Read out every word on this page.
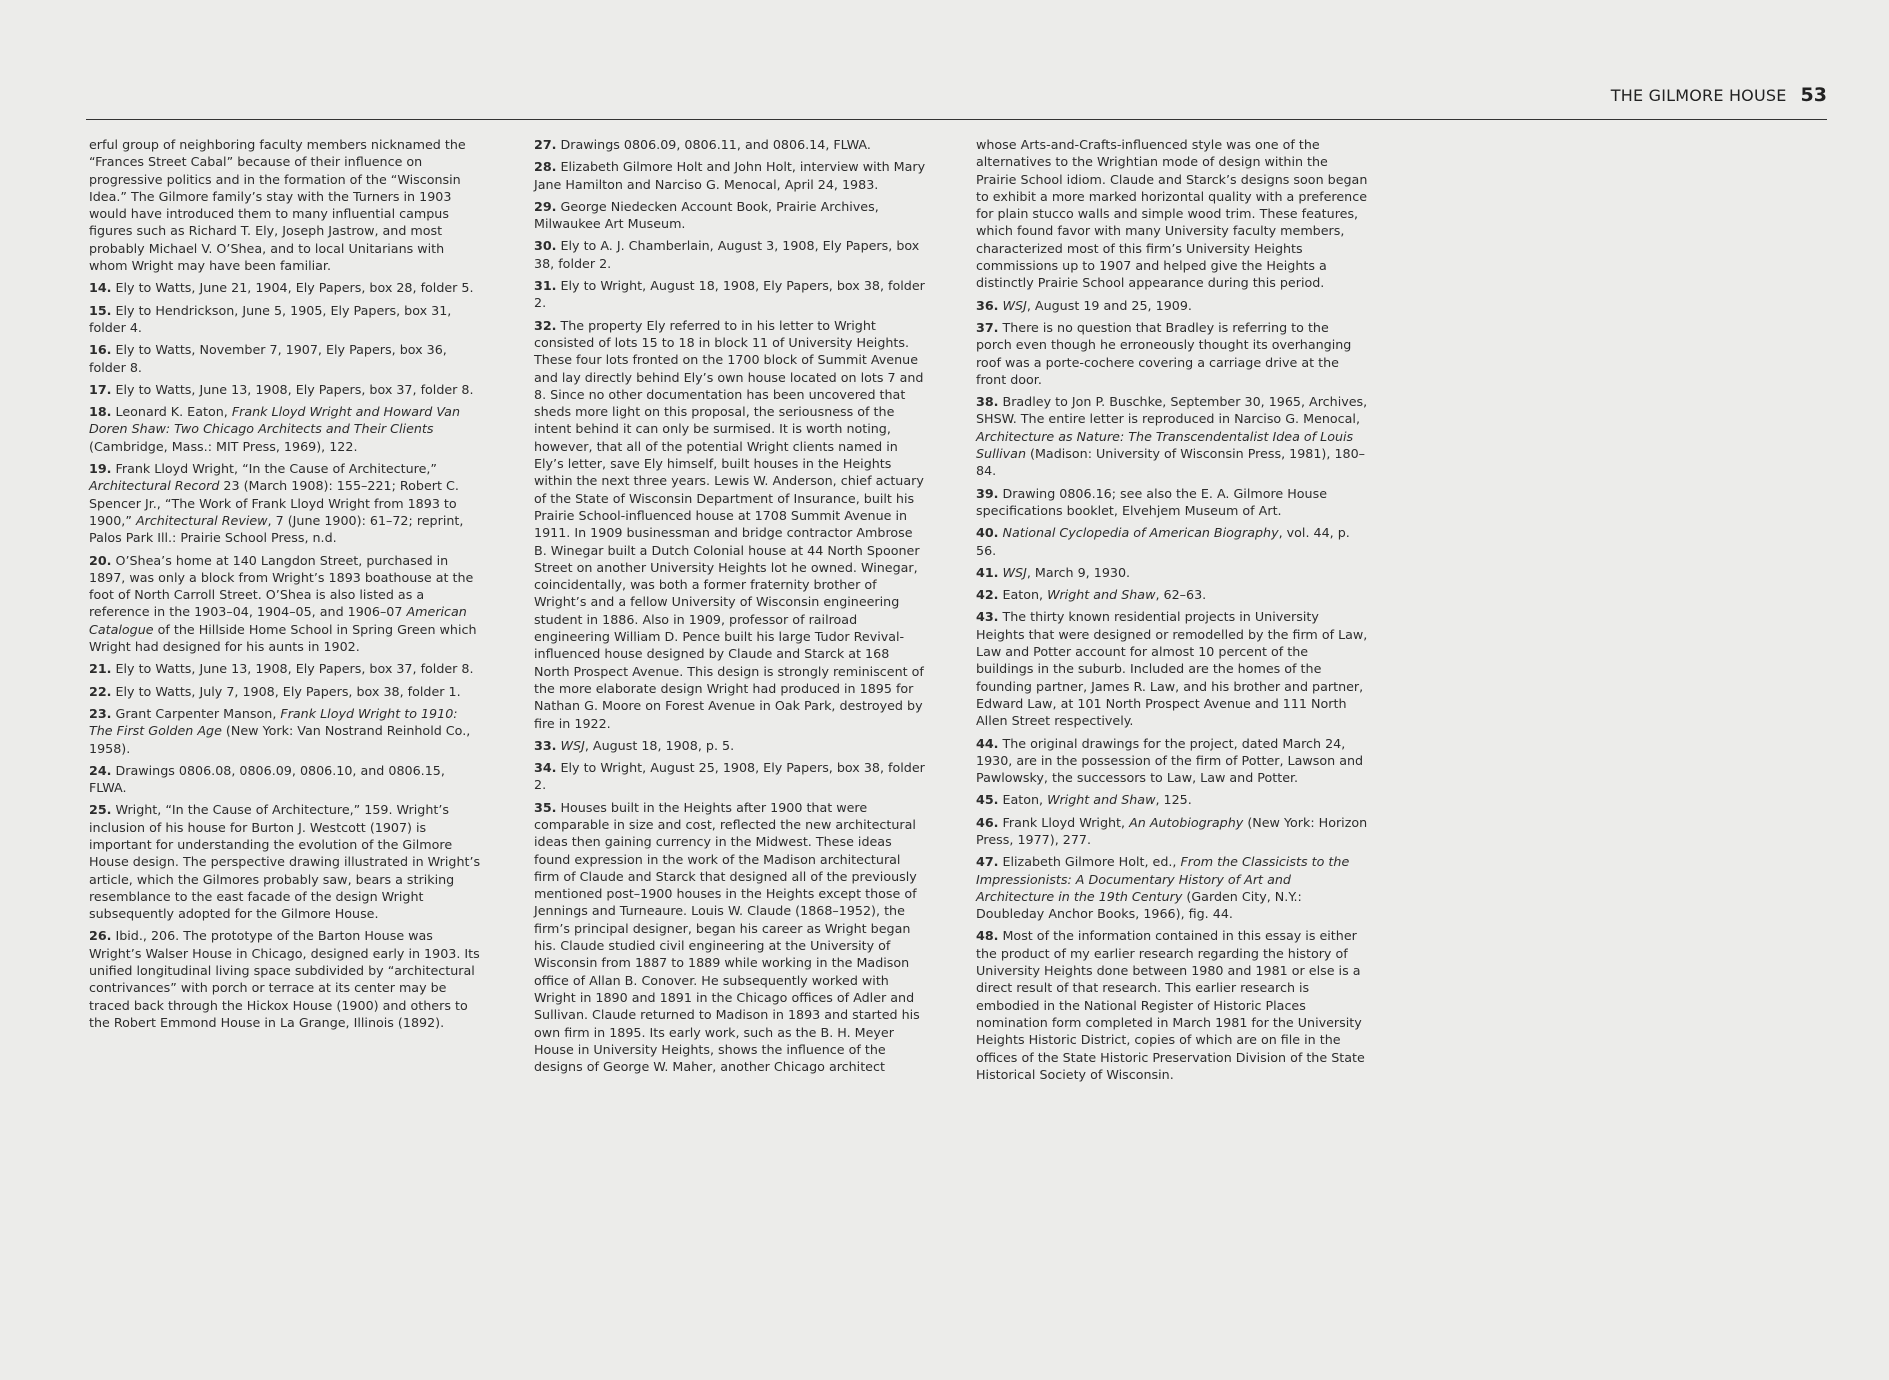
THE GILMORE HOUSE 53

erful group of neighboring faculty members nicknamed the “Frances Street Cabal” because of their influence on progressive politics and in the formation of the “Wisconsin Idea.” The Gilmore family’s stay with the Turners in 1903 would have introduced them to many influential campus figures such as Richard T. Ely, Joseph Jastrow, and most probably Michael V. O’Shea, and to local Unitarians with whom Wright may have been familiar.

14. Ely to Watts, June 21, 1904, Ely Papers, box 28, folder 5.

15. Ely to Hendrickson, June 5, 1905, Ely Papers, box 31, folder 4.

16. Ely to Watts, November 7, 1907, Ely Papers, box 36, folder 8.

17. Ely to Watts, June 13, 1908, Ely Papers, box 37, folder 8.

18. Leonard K. Eaton, Frank Lloyd Wright and Howard Van Doren Shaw: Two Chicago Architects and Their Clients (Cambridge, Mass.: MIT Press, 1969), 122.

19. Frank Lloyd Wright, “In the Cause of Architecture,” Architectural Record 23 (March 1908): 155–221; Robert C. Spencer Jr., “The Work of Frank Lloyd Wright from 1893 to 1900,” Architectural Review, 7 (June 1900): 61–72; reprint, Palos Park Ill.: Prairie School Press, n.d.

20. O’Shea’s home at 140 Langdon Street, purchased in 1897, was only a block from Wright’s 1893 boathouse at the foot of North Carroll Street. O’Shea is also listed as a reference in the 1903–04, 1904–05, and 1906–07 American Catalogue of the Hillside Home School in Spring Green which Wright had designed for his aunts in 1902.

21. Ely to Watts, June 13, 1908, Ely Papers, box 37, folder 8.

22. Ely to Watts, July 7, 1908, Ely Papers, box 38, folder 1.

23. Grant Carpenter Manson, Frank Lloyd Wright to 1910: The First Golden Age (New York: Van Nostrand Reinhold Co., 1958).

24. Drawings 0806.08, 0806.09, 0806.10, and 0806.15, FLWA.

25. Wright, “In the Cause of Architecture,” 159. Wright’s inclusion of his house for Burton J. Westcott (1907) is important for understanding the evolution of the Gilmore House design. The perspective drawing illustrated in Wright’s article, which the Gilmores probably saw, bears a striking resemblance to the east facade of the design Wright subsequently adopted for the Gilmore House.

26. Ibid., 206. The prototype of the Barton House was Wright’s Walser House in Chicago, designed early in 1903. Its unified longitudinal living space subdivided by “architectural contrivances” with porch or terrace at its center may be traced back through the Hickox House (1900) and others to the Robert Emmond House in La Grange, Illinois (1892).

27. Drawings 0806.09, 0806.11, and 0806.14, FLWA.

28. Elizabeth Gilmore Holt and John Holt, interview with Mary Jane Hamilton and Narciso G. Menocal, April 24, 1983.

29. George Niedecken Account Book, Prairie Archives, Milwaukee Art Museum.

30. Ely to A. J. Chamberlain, August 3, 1908, Ely Papers, box 38, folder 2.

31. Ely to Wright, August 18, 1908, Ely Papers, box 38, folder 2.

32. The property Ely referred to in his letter to Wright consisted of lots 15 to 18 in block 11 of University Heights. These four lots fronted on the 1700 block of Summit Avenue and lay directly behind Ely’s own house located on lots 7 and 8. Since no other documentation has been uncovered that sheds more light on this proposal, the seriousness of the intent behind it can only be surmised. It is worth noting, however, that all of the potential Wright clients named in Ely’s letter, save Ely himself, built houses in the Heights within the next three years. Lewis W. Anderson, chief actuary of the State of Wisconsin Department of Insurance, built his Prairie School-influenced house at 1708 Summit Avenue in 1911. In 1909 businessman and bridge contractor Ambrose B. Winegar built a Dutch Colonial house at 44 North Spooner Street on another University Heights lot he owned. Winegar, coincidentally, was both a former fraternity brother of Wright’s and a fellow University of Wisconsin engineering student in 1886. Also in 1909, professor of railroad engineering William D. Pence built his large Tudor Revival-influenced house designed by Claude and Starck at 168 North Prospect Avenue. This design is strongly reminiscent of the more elaborate design Wright had produced in 1895 for Nathan G. Moore on Forest Avenue in Oak Park, destroyed by fire in 1922.

33. WSJ, August 18, 1908, p. 5.

34. Ely to Wright, August 25, 1908, Ely Papers, box 38, folder 2.

35. Houses built in the Heights after 1900 that were comparable in size and cost, reflected the new architectural ideas then gaining currency in the Midwest. These ideas found expression in the work of the Madison architectural firm of Claude and Starck that designed all of the previously mentioned post–1900 houses in the Heights except those of Jennings and Turneaure. Louis W. Claude (1868–1952), the firm’s principal designer, began his career as Wright began his. Claude studied civil engineering at the University of Wisconsin from 1887 to 1889 while working in the Madison office of Allan B. Conover. He subsequently worked with Wright in 1890 and 1891 in the Chicago offices of Adler and Sullivan. Claude returned to Madison in 1893 and started his own firm in 1895. Its early work, such as the B. H. Meyer House in University Heights, shows the influence of the designs of George W. Maher, another Chicago architect

whose Arts-and-Crafts-influenced style was one of the alternatives to the Wrightian mode of design within the Prairie School idiom. Claude and Starck’s designs soon began to exhibit a more marked horizontal quality with a preference for plain stucco walls and simple wood trim. These features, which found favor with many University faculty members, characterized most of this firm’s University Heights commissions up to 1907 and helped give the Heights a distinctly Prairie School appearance during this period.

36. WSJ, August 19 and 25, 1909.

37. There is no question that Bradley is referring to the porch even though he erroneously thought its overhanging roof was a porte-cochere covering a carriage drive at the front door.

38. Bradley to Jon P. Buschke, September 30, 1965, Archives, SHSW. The entire letter is reproduced in Narciso G. Menocal, Architecture as Nature: The Transcendentalist Idea of Louis Sullivan (Madison: University of Wisconsin Press, 1981), 180–84.

39. Drawing 0806.16; see also the E. A. Gilmore House specifications booklet, Elvehjem Museum of Art.

40. National Cyclopedia of American Biography, vol. 44, p. 56.

41. WSJ, March 9, 1930.

42. Eaton, Wright and Shaw, 62–63.

43. The thirty known residential projects in University Heights that were designed or remodelled by the firm of Law, Law and Potter account for almost 10 percent of the buildings in the suburb. Included are the homes of the founding partner, James R. Law, and his brother and partner, Edward Law, at 101 North Prospect Avenue and 111 North Allen Street respectively.

44. The original drawings for the project, dated March 24, 1930, are in the possession of the firm of Potter, Lawson and Pawlowsky, the successors to Law, Law and Potter.

45. Eaton, Wright and Shaw, 125.

46. Frank Lloyd Wright, An Autobiography (New York: Horizon Press, 1977), 277.

47. Elizabeth Gilmore Holt, ed., From the Classicists to the Impressionists: A Documentary History of Art and Architecture in the 19th Century (Garden City, N.Y.: Doubleday Anchor Books, 1966), fig. 44.

48. Most of the information contained in this essay is either the product of my earlier research regarding the history of University Heights done between 1980 and 1981 or else is a direct result of that research. This earlier research is embodied in the National Register of Historic Places nomination form completed in March 1981 for the University Heights Historic District, copies of which are on file in the offices of the State Historic Preservation Division of the State Historical Society of Wisconsin.
